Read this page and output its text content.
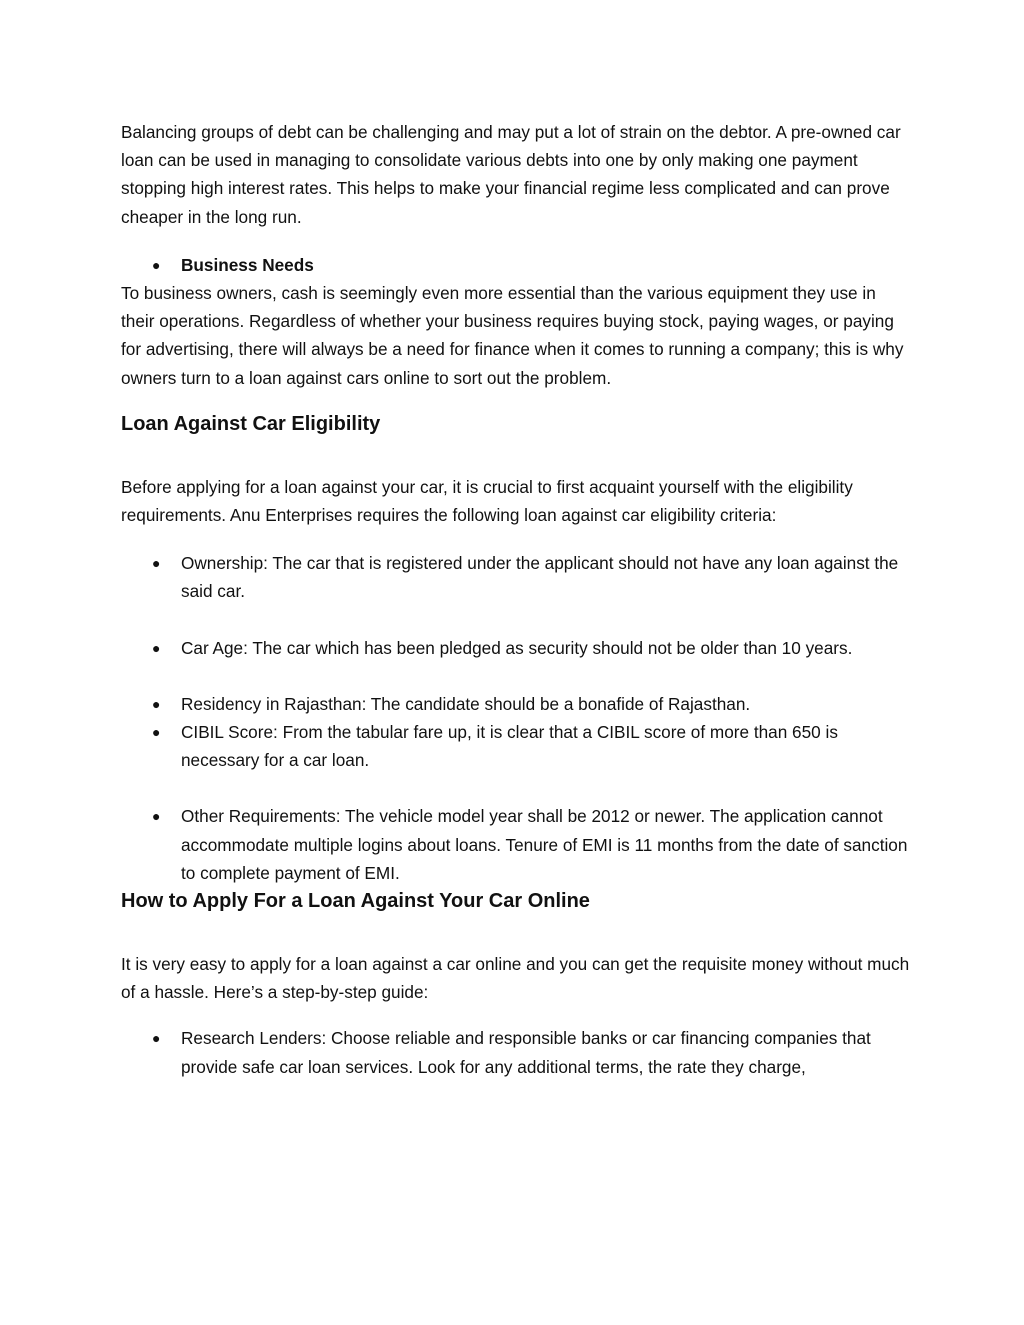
Balancing groups of debt can be challenging and may put a lot of strain on the debtor. A pre-owned car loan can be used in managing to consolidate various debts into one by only making one payment stopping high interest rates. This helps to make your financial regime less complicated and can prove cheaper in the long run.

● Business Needs

To business owners, cash is seemingly even more essential than the various equipment they use in their operations. Regardless of whether your business requires buying stock, paying wages, or paying for advertising, there will always be a need for finance when it comes to running a company; this is why owners turn to a loan against cars online to sort out the problem.

Loan Against Car Eligibility

Before applying for a loan against your car, it is crucial to first acquaint yourself with the eligibility requirements. Anu Enterprises requires the following loan against car eligibility criteria:

● Ownership: The car that is registered under the applicant should not have any loan against the said car.
● Car Age: The car which has been pledged as security should not be older than 10 years.
● Residency in Rajasthan: The candidate should be a bonafide of Rajasthan.
● CIBIL Score: From the tabular fare up, it is clear that a CIBIL score of more than 650 is necessary for a car loan.
● Other Requirements: The vehicle model year shall be 2012 or newer. The application cannot accommodate multiple logins about loans. Tenure of EMI is 11 months from the date of sanction to complete payment of EMI.
How to Apply For a Loan Against Your Car Online

It is very easy to apply for a loan against a car online and you can get the requisite money without much of a hassle. Here’s a step-by-step guide:

● Research Lenders: Choose reliable and responsible banks or car financing companies that provide safe car loan services. Look for any additional terms, the rate they charge,
